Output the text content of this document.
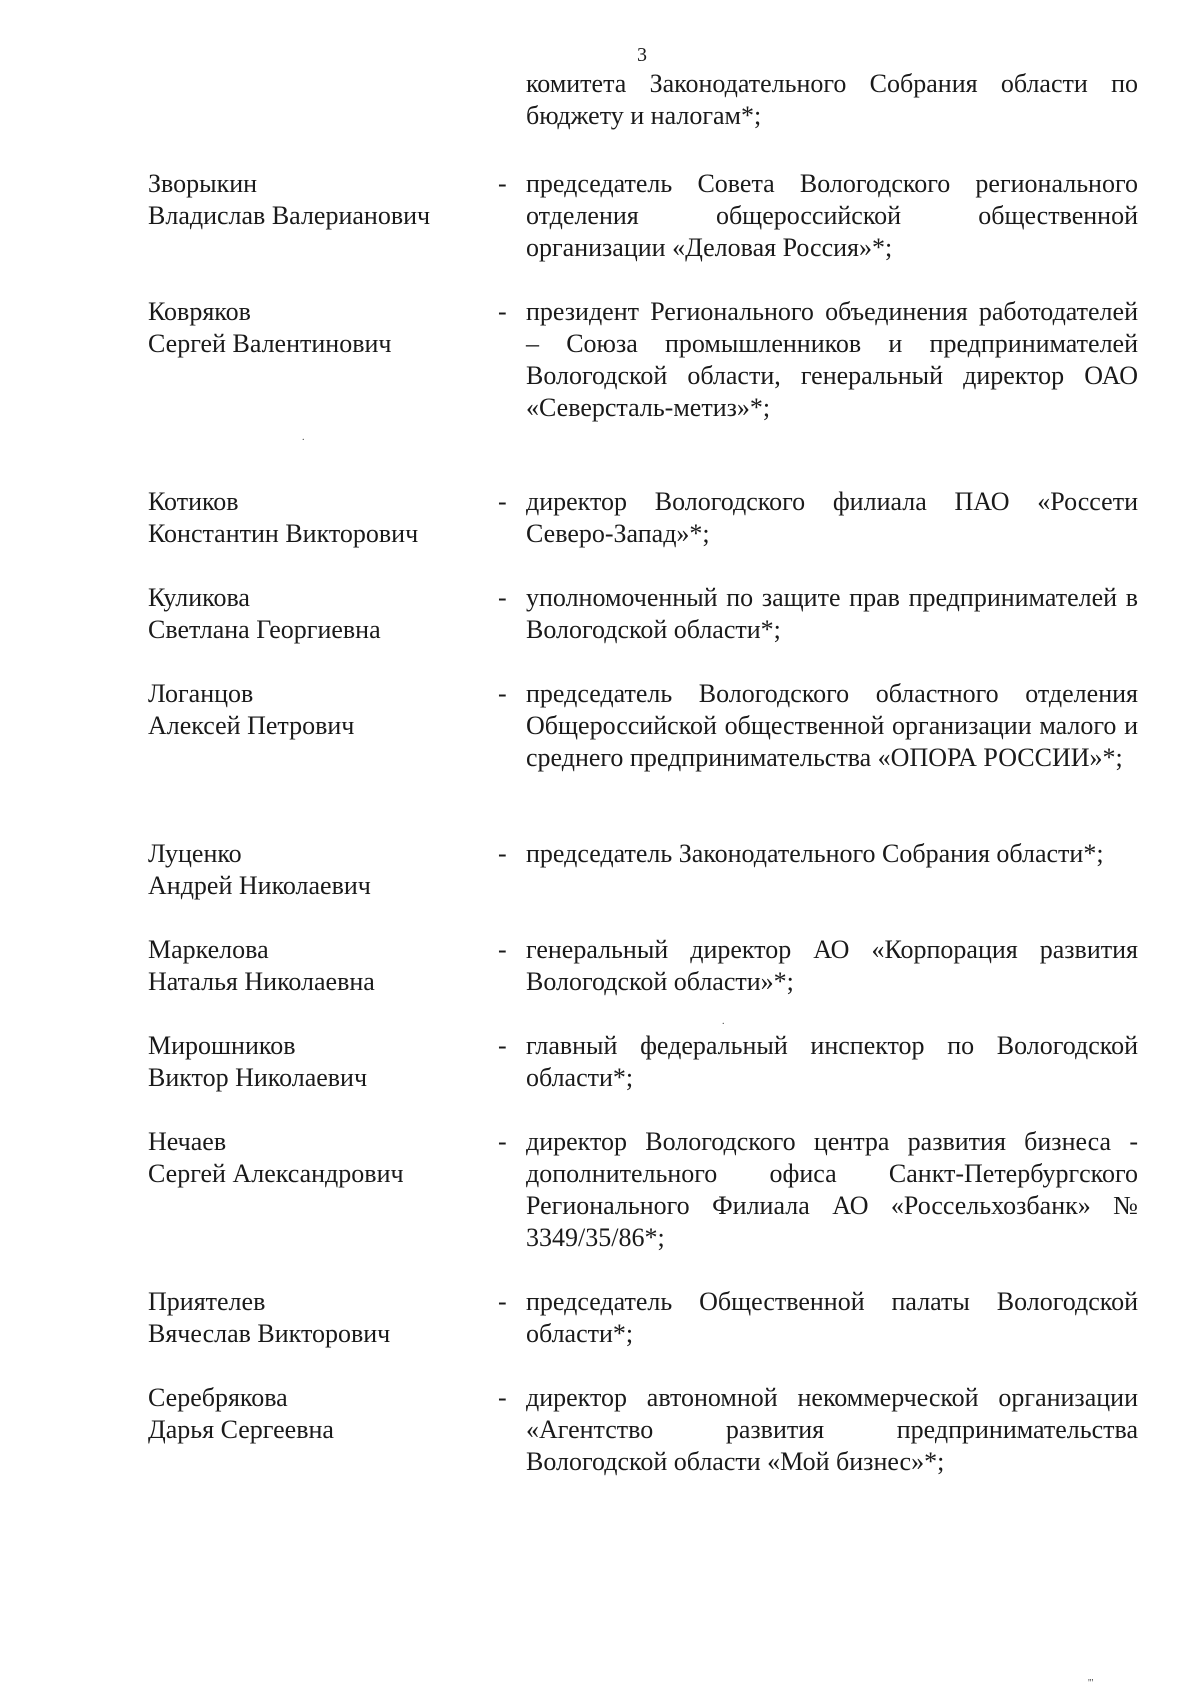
3
комитета Законодательного Собрания области по бюджету и налогам*;
Зворыкин
Владислав Валерианович
- председатель Совета Вологодского регионального отделения общероссийской общественной организации «Деловая Россия»*;
Ковряков
Сергей Валентинович
- президент Регионального объединения работодателей – Союза промышленников и предпринимателей Вологодской области, генеральный директор ОАО «Северсталь-метиз»*;
Котиков
Константин Викторович
- директор Вологодского филиала ПАО «Россети Северо-Запад»*;
Куликова
Светлана Георгиевна
- уполномоченный по защите прав предпринимателей в Вологодской области*;
Логанцов
Алексей Петрович
- председатель Вологодского областного отделения Общероссийской общественной организации малого и среднего предпринимательства «ОПОРА РОССИИ»*;
Луценко
Андрей Николаевич
- председатель Законодательного Собрания области*;
Маркелова
Наталья Николаевна
- генеральный директор АО «Корпорация развития Вологодской области»*;
Мирошников
Виктор Николаевич
- главный федеральный инспектор по Вологодской области*;
Нечаев
Сергей Александрович
- директор Вологодского центра развития бизнеса - дополнительного офиса Санкт-Петербургского Регионального Филиала АО «Россельхозбанк» № 3349/35/86*;
Приятелев
Вячеслав Викторович
- председатель Общественной палаты Вологодской области*;
Серебрякова
Дарья Сергеевна
- директор автономной некоммерческой организации «Агентство развития предпринимательства Вологодской области «Мой бизнес»*;
.
.
'''
